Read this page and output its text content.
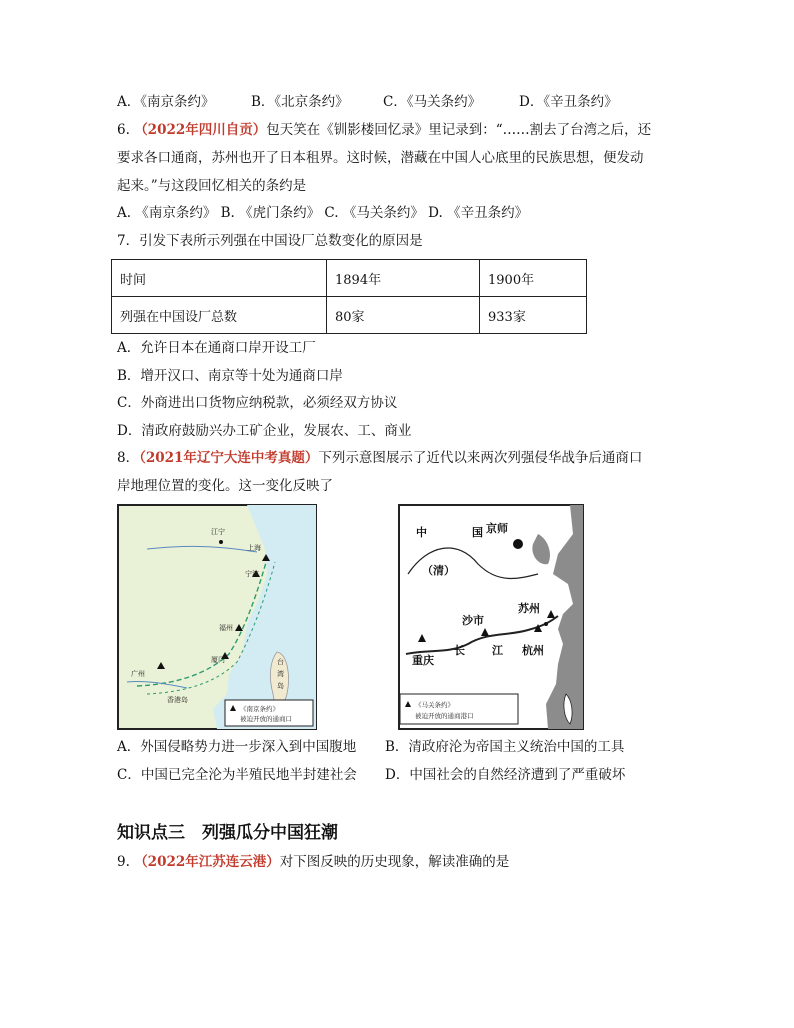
A．《南京条约》	B．《北京条约》	C．《马关条约》	D．《辛丑条约》
6. （2022年四川自贡）包天笑在《钏影楼回忆录》里记录到：“……割去了台湾之后，还
要求各口通商，苏州也开了日本租界。这时候，潜藏在中国人心底里的民族思想，便发动
起来。”与这段回忆相关的条约是
A. 《南京条约》 B. 《虎门条约》 C. 《马关条约》 D. 《辛丑条约》
7．引发下表所示列强在中国设厂总数变化的原因是
时间	1894年	1900年
列强在中国设厂总数	80家	933家
A．允许日本在通商口岸开设工厂
B．增开汉口、南京等十处为通商口岸
C．外商进出口货物应纳税款，必须经双方协议
D．清政府鼓励兴办工矿企业，发展农、工、商业
8．（2021年辽宁大连中考真题）下列示意图展示了近代以来两次列强侵华战争后通商口
岸地理位置的变化。这一变化反映了
江宁
上海
宁波
福州
厦门
广州
香港岛
台
湾
岛
《南京条约》
被迫开放的通商口
中	国 京师
（清）
沙市
苏州
长 江 杭州
重庆
《马关条约》
被迫开放的通商港口
A．外国侵略势力进一步深入到中国腹地 B．清政府沦为帝国主义统治中国的工具
C．中国已完全沦为半殖民地半封建社会 D．中国社会的自然经济遭到了严重破坏
知识点三　列强瓜分中国狂潮
9. （2022年江苏连云港）对下图反映的历史现象，解读准确的是
